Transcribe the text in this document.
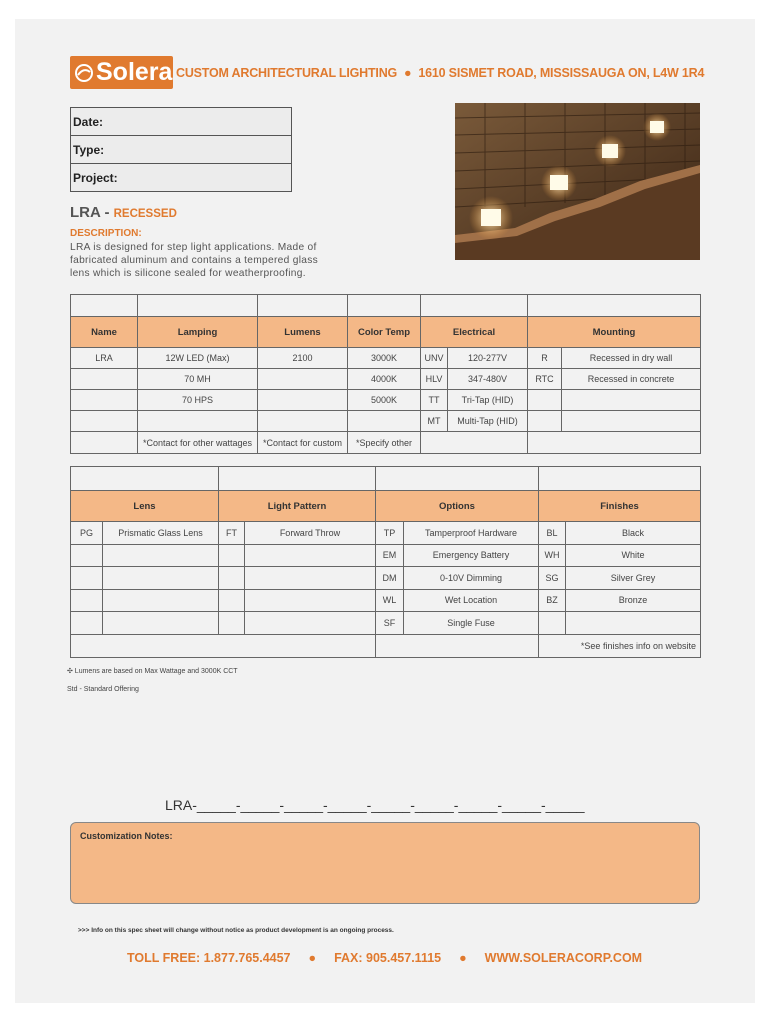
Solera CUSTOM ARCHITECTURAL LIGHTING ● 1610 SISMET ROAD, MISSISSAUGA ON, L4W 1R4
Date:
Type:
Project:
LRA - RECESSED
DESCRIPTION:
LRA is designed for step light applications. Made of fabricated aluminum and contains a tempered glass lens which is silicone sealed for weatherproofing.

Name	Lamping	Lumens	Color Temp	Electrical		Mounting	
LRA	12W LED (Max)	2100	3000K	UNV	120-277V	R	Recessed in dry wall
	70 MH		4000K	HLV	347-480V	RTC	Recessed in concrete
	70 HPS		5000K	TT	Tri-Tap (HID)		
				MT	Multi-Tap (HID)		
	*Contact for other wattages	*Contact for custom	*Specify other				

Lens		Light Pattern		Options		Finishes	
PG	Prismatic Glass Lens	FT	Forward Throw	TP	Tamperproof Hardware	BL	Black
				EM	Emergency Battery	WH	White
				DM	0-10V Dimming	SG	Silver Grey
				WL	Wet Location	BZ	Bronze
				SF	Single Fuse		
						*See finishes info on website	
✣ Lumens are based on Max Wattage and 3000K CCT
Std - Standard Offering
LRA-_____-_____-_____-_____-_____-_____-_____-_____-_____
Customization Notes:
>>> Info on this spec sheet will change without notice as product development is an ongoing process.
TOLL FREE: 1.877.765.4457 ● FAX: 905.457.1115 ● WWW.SOLERACORP.COM
